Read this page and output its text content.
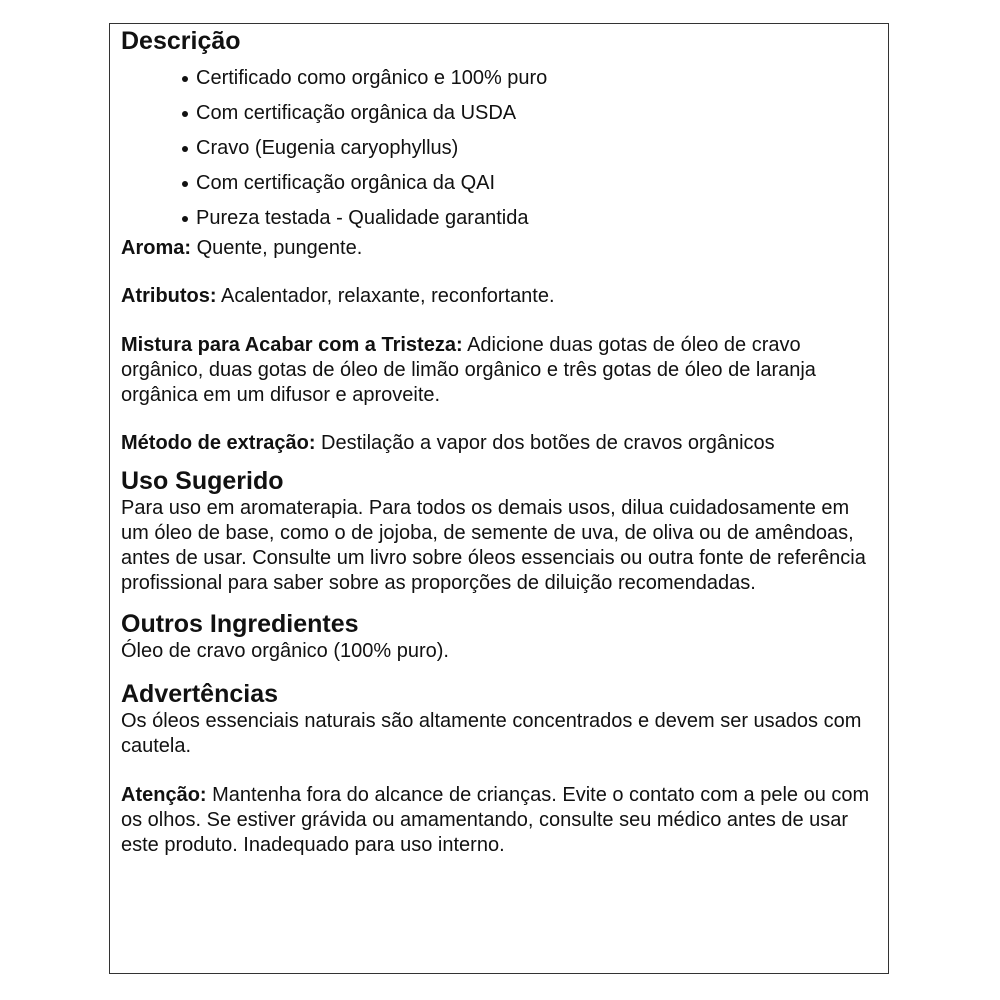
Descrição
Certificado como orgânico e 100% puro
Com certificação orgânica da USDA
Cravo (Eugenia caryophyllus)
Com certificação orgânica da QAI
Pureza testada - Qualidade garantida

Aroma: Quente, pungente.

Atributos: Acalentador, relaxante, reconfortante.

Mistura para Acabar com a Tristeza: Adicione duas gotas de óleo de cravo orgânico, duas gotas de óleo de limão orgânico e três gotas de óleo de laranja orgânica em um difusor e aproveite.

Método de extração: Destilação a vapor dos botões de cravos orgânicos

Uso Sugerido

Para uso em aromaterapia. Para todos os demais usos, dilua cuidadosamente em um óleo de base, como o de jojoba, de semente de uva, de oliva ou de amêndoas, antes de usar. Consulte um livro sobre óleos essenciais ou outra fonte de referência profissional para saber sobre as proporções de diluição recomendadas.

Outros Ingredientes

Óleo de cravo orgânico (100% puro).

Advertências

Os óleos essenciais naturais são altamente concentrados e devem ser usados com cautela.

Atenção: Mantenha fora do alcance de crianças. Evite o contato com a pele ou com os olhos. Se estiver grávida ou amamentando, consulte seu médico antes de usar este produto. Inadequado para uso interno.
